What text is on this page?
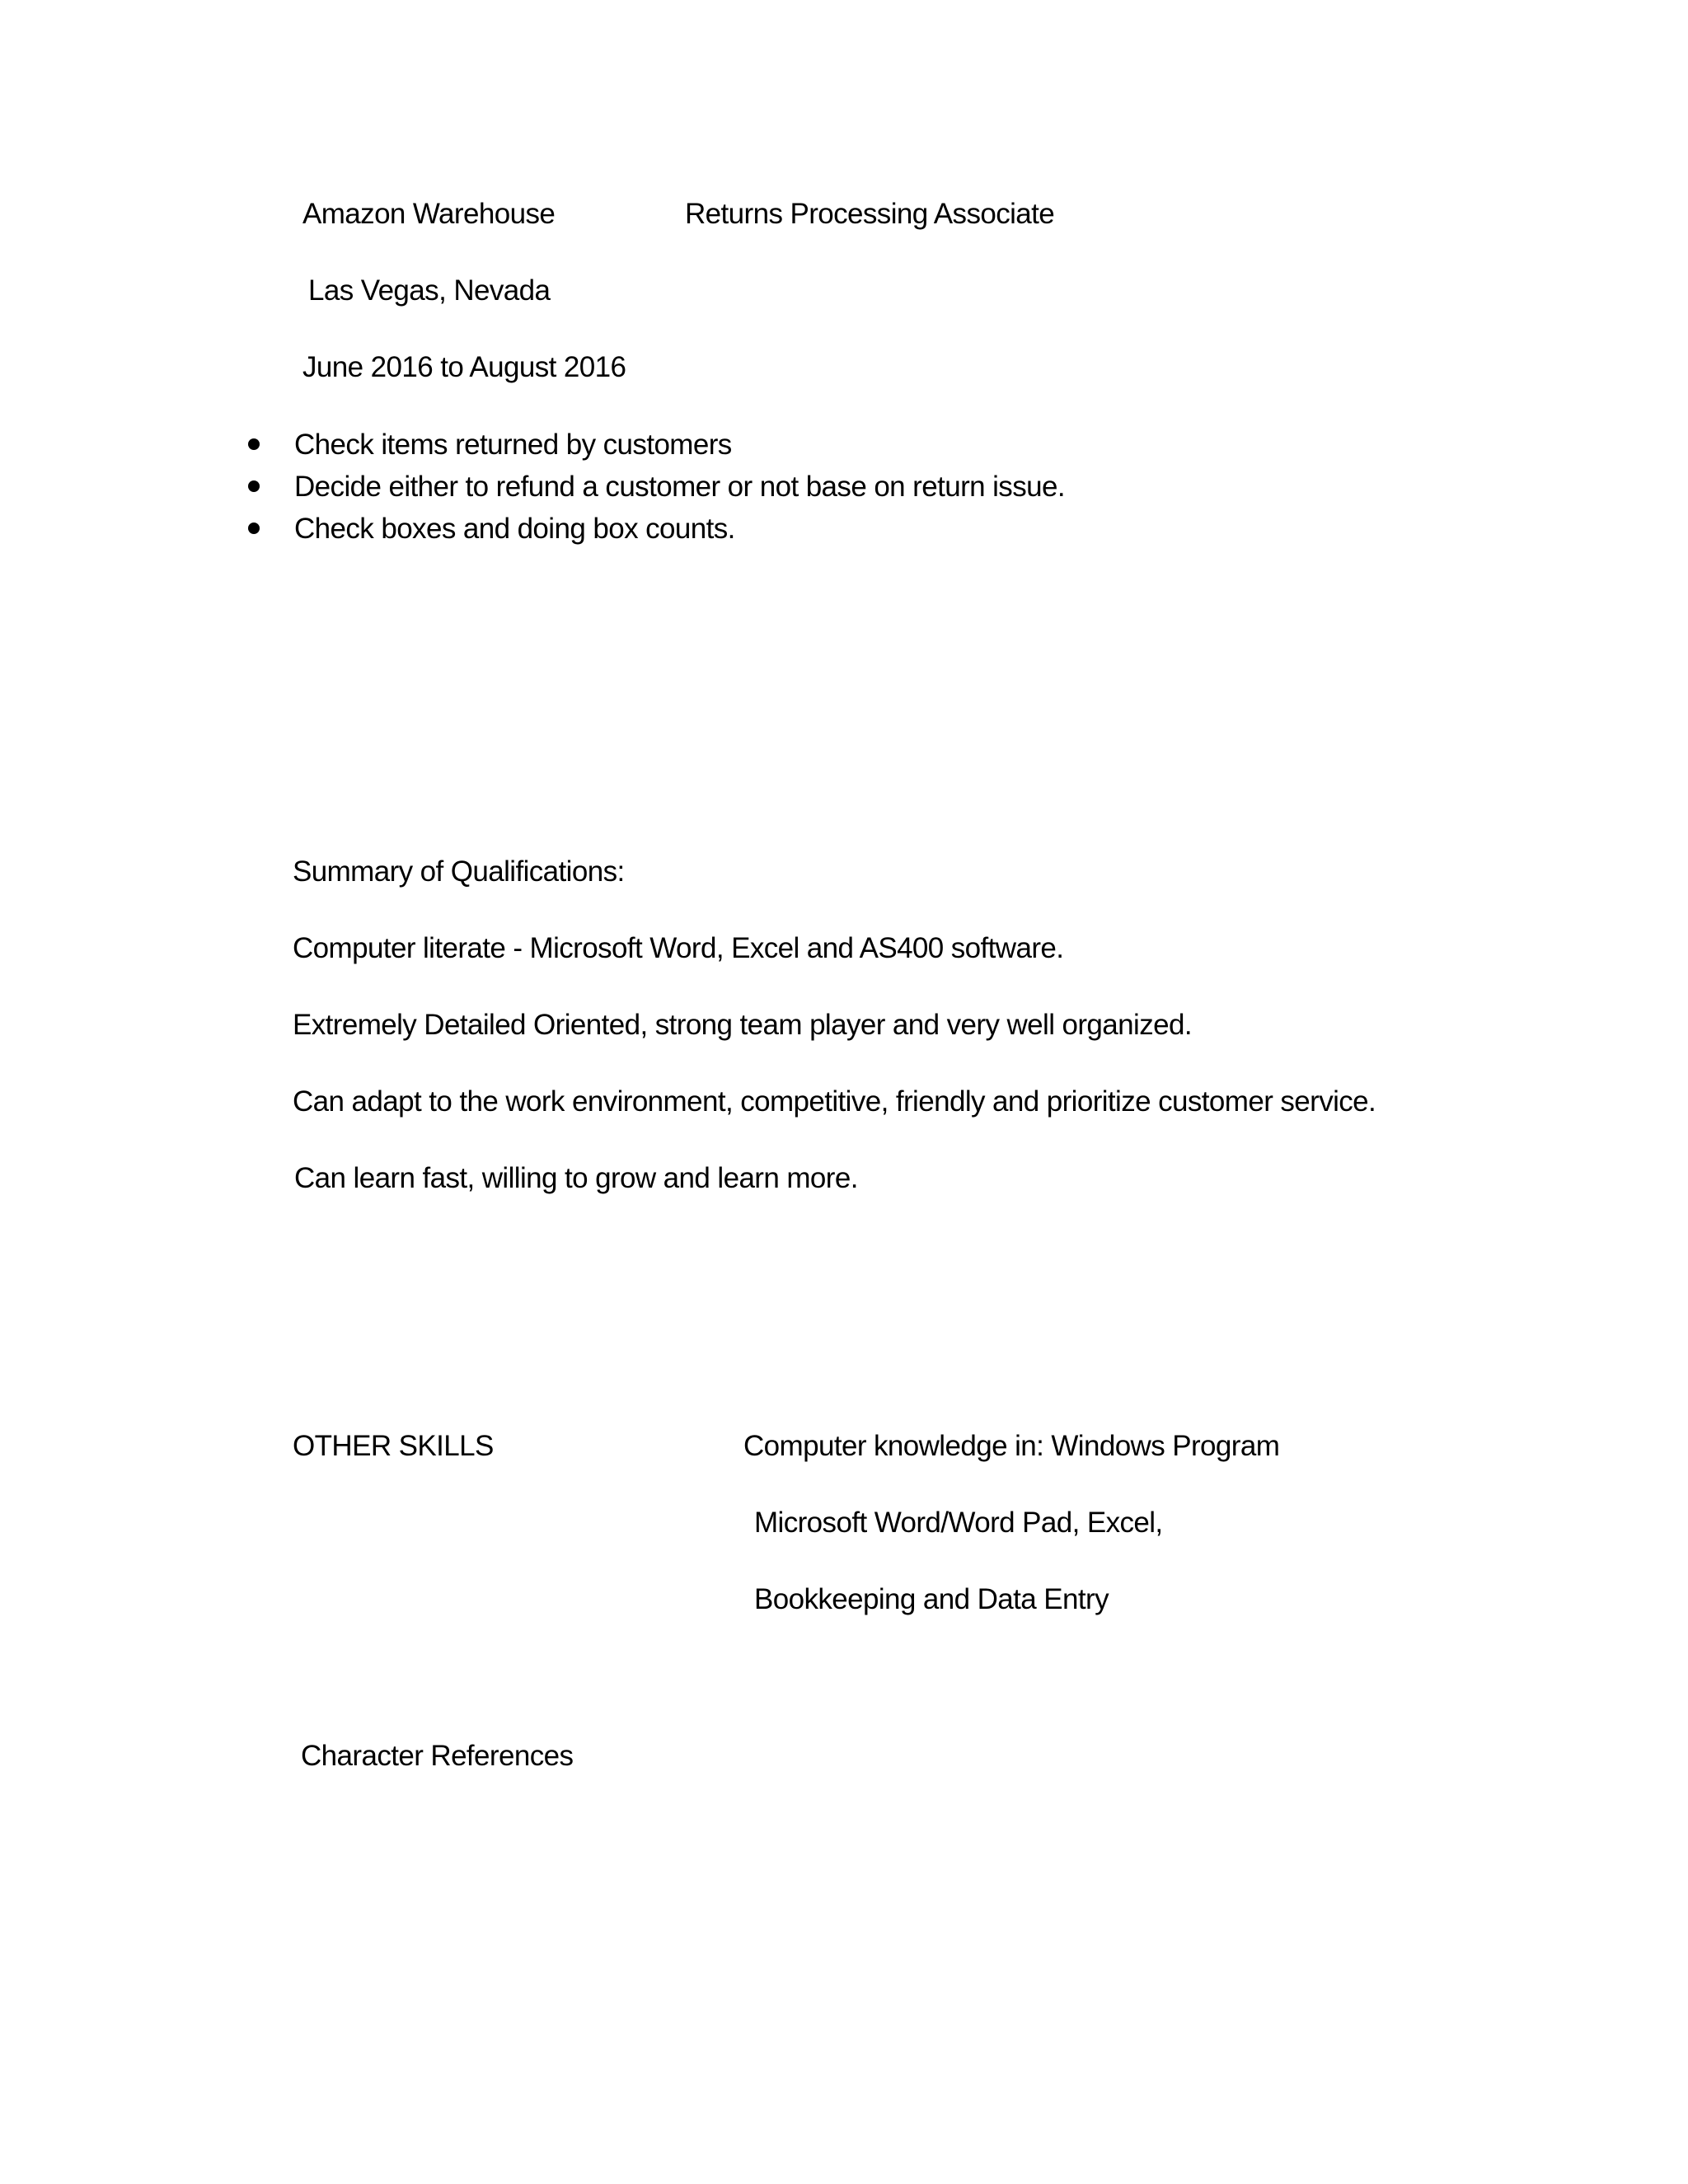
Amazon Warehouse	Returns Processing Associate
Las Vegas, Nevada
June 2016 to August 2016
Check items returned by customers
Decide either to refund a customer or not base on return issue.
Check boxes and doing box counts.
Summary of Qualifications:
Computer literate - Microsoft Word, Excel and AS400 software.
Extremely Detailed Oriented, strong team player and very well organized.
Can adapt to the work environment, competitive, friendly and prioritize customer service.
Can learn fast, willing to grow and learn more.
OTHER SKILLS	Computer knowledge in: Windows Program
Microsoft Word/Word Pad, Excel,
Bookkeeping and Data Entry
Character References
